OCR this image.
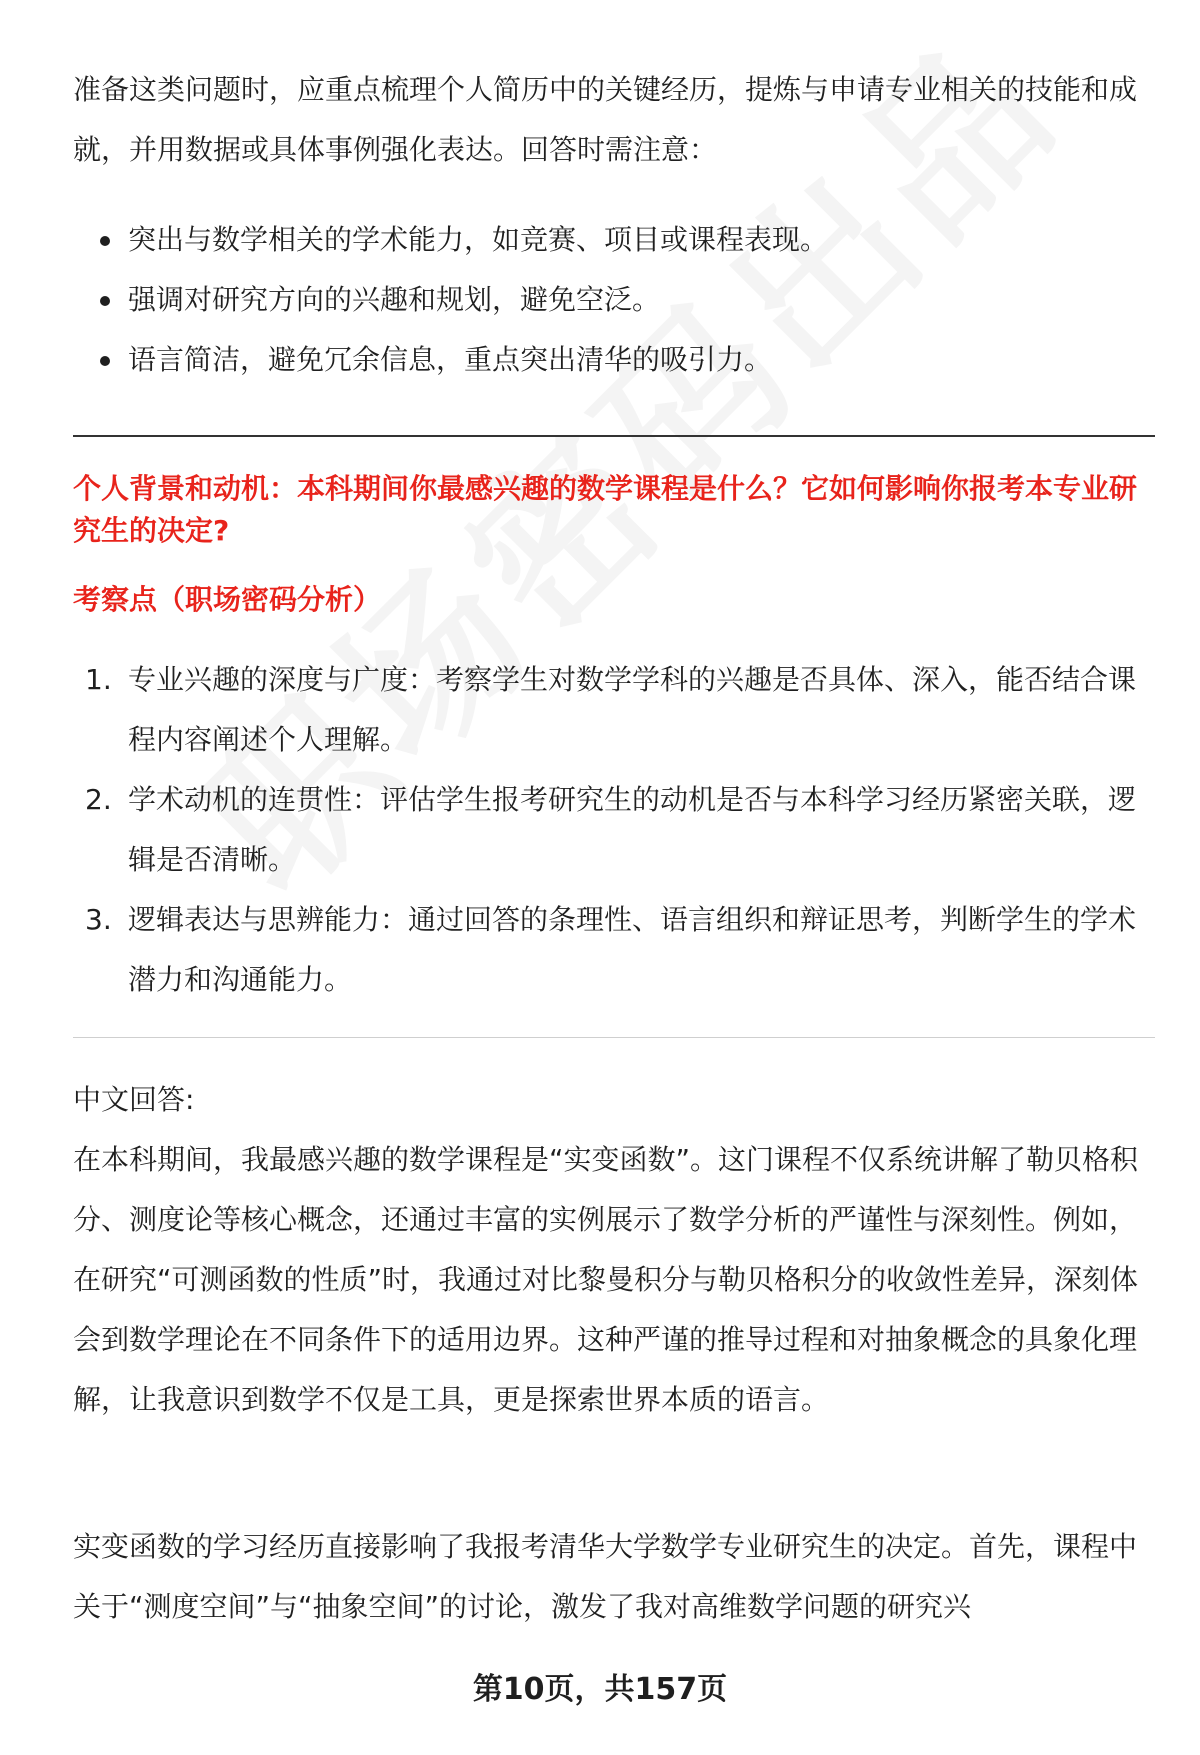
准备这类问题时，应重点梳理个人简历中的关键经历，提炼与申请专业相关的技能和成就，并用数据或具体事例强化表达。回答时需注意：

突出与数学相关的学术能力，如竞赛、项目或课程表现。
强调对研究方向的兴趣和规划，避免空泛。
语言简洁，避免冗余信息，重点突出清华的吸引力。

个人背景和动机：本科期间你最感兴趣的数学课程是什么？它如何影响你报考本专业研究生的决定?

考察点（职场密码分析）

1. 专业兴趣的深度与广度：考察学生对数学学科的兴趣是否具体、深入，能否结合课程内容阐述个人理解。
2. 学术动机的连贯性：评估学生报考研究生的动机是否与本科学习经历紧密关联，逻辑是否清晰。
3. 逻辑表达与思辨能力：通过回答的条理性、语言组织和辩证思考，判断学生的学术潜力和沟通能力。

中文回答:

在本科期间，我最感兴趣的数学课程是“实变函数”。这门课程不仅系统讲解了勒贝格积分、测度论等核心概念，还通过丰富的实例展示了数学分析的严谨性与深刻性。例如，在研究“可测函数的性质”时，我通过对比黎曼积分与勒贝格积分的收敛性差异，深刻体会到数学理论在不同条件下的适用边界。这种严谨的推导过程和对抽象概念的具象化理解，让我意识到数学不仅是工具，更是探索世界本质的语言。

实变函数的学习经历直接影响了我报考清华大学数学专业研究生的决定。首先，课程中关于“测度空间”与“抽象空间”的讨论，激发了我对高维数学问题的研究兴

第10页，共157页
